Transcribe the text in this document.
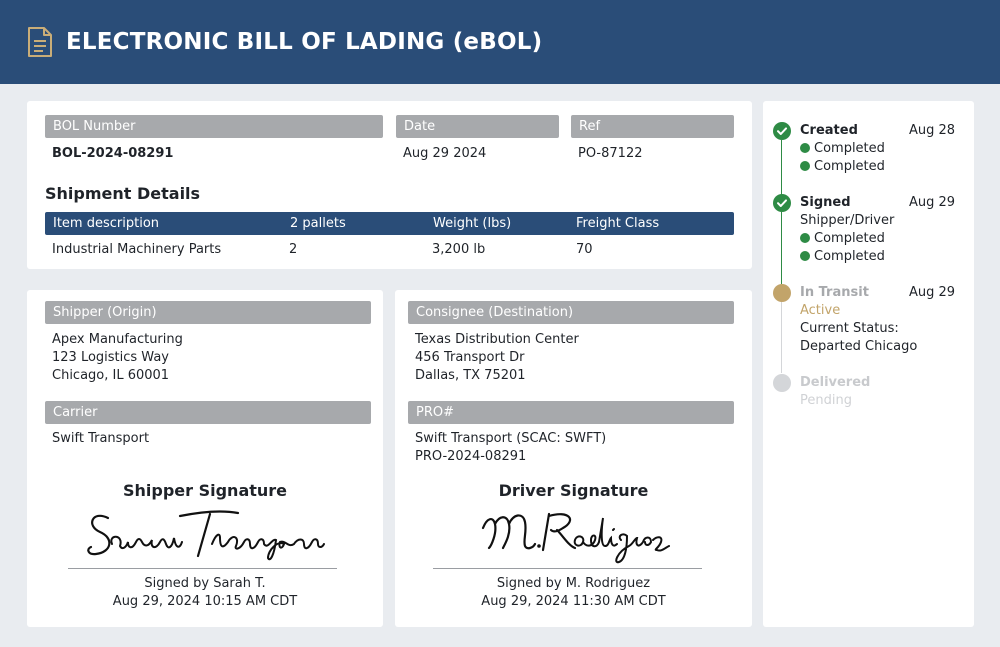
ELECTRONIC BILL OF LADING (eBOL)
BOL Number
BOL-2024-08291
Date
Aug 29 2024
Ref
PO-87122
Shipment Details
Item description	2 pallets	Weight (lbs)	Freight Class
Industrial Machinery Parts	2	3,200 lb	70
Shipper (Origin)
Apex Manufacturing
123 Logistics Way
Chicago, IL 60001
Carrier
Swift Transport
Shipper Signature
Signed by Sarah T.
Aug 29, 2024 10:15 AM CDT
Consignee (Destination)
Texas Distribution Center
456 Transport Dr
Dallas, TX 75201
PRO#
Swift Transport (SCAC: SWFT)
PRO-2024-08291
Driver Signature
Signed by M. Rodriguez
Aug 29, 2024 11:30 AM CDT
Created	Aug 28
Completed
Completed
Signed	Aug 29
Shipper/Driver
Completed
Completed
In Transit	Aug 29
Active
Current Status:
Departed Chicago
Delivered
Pending
